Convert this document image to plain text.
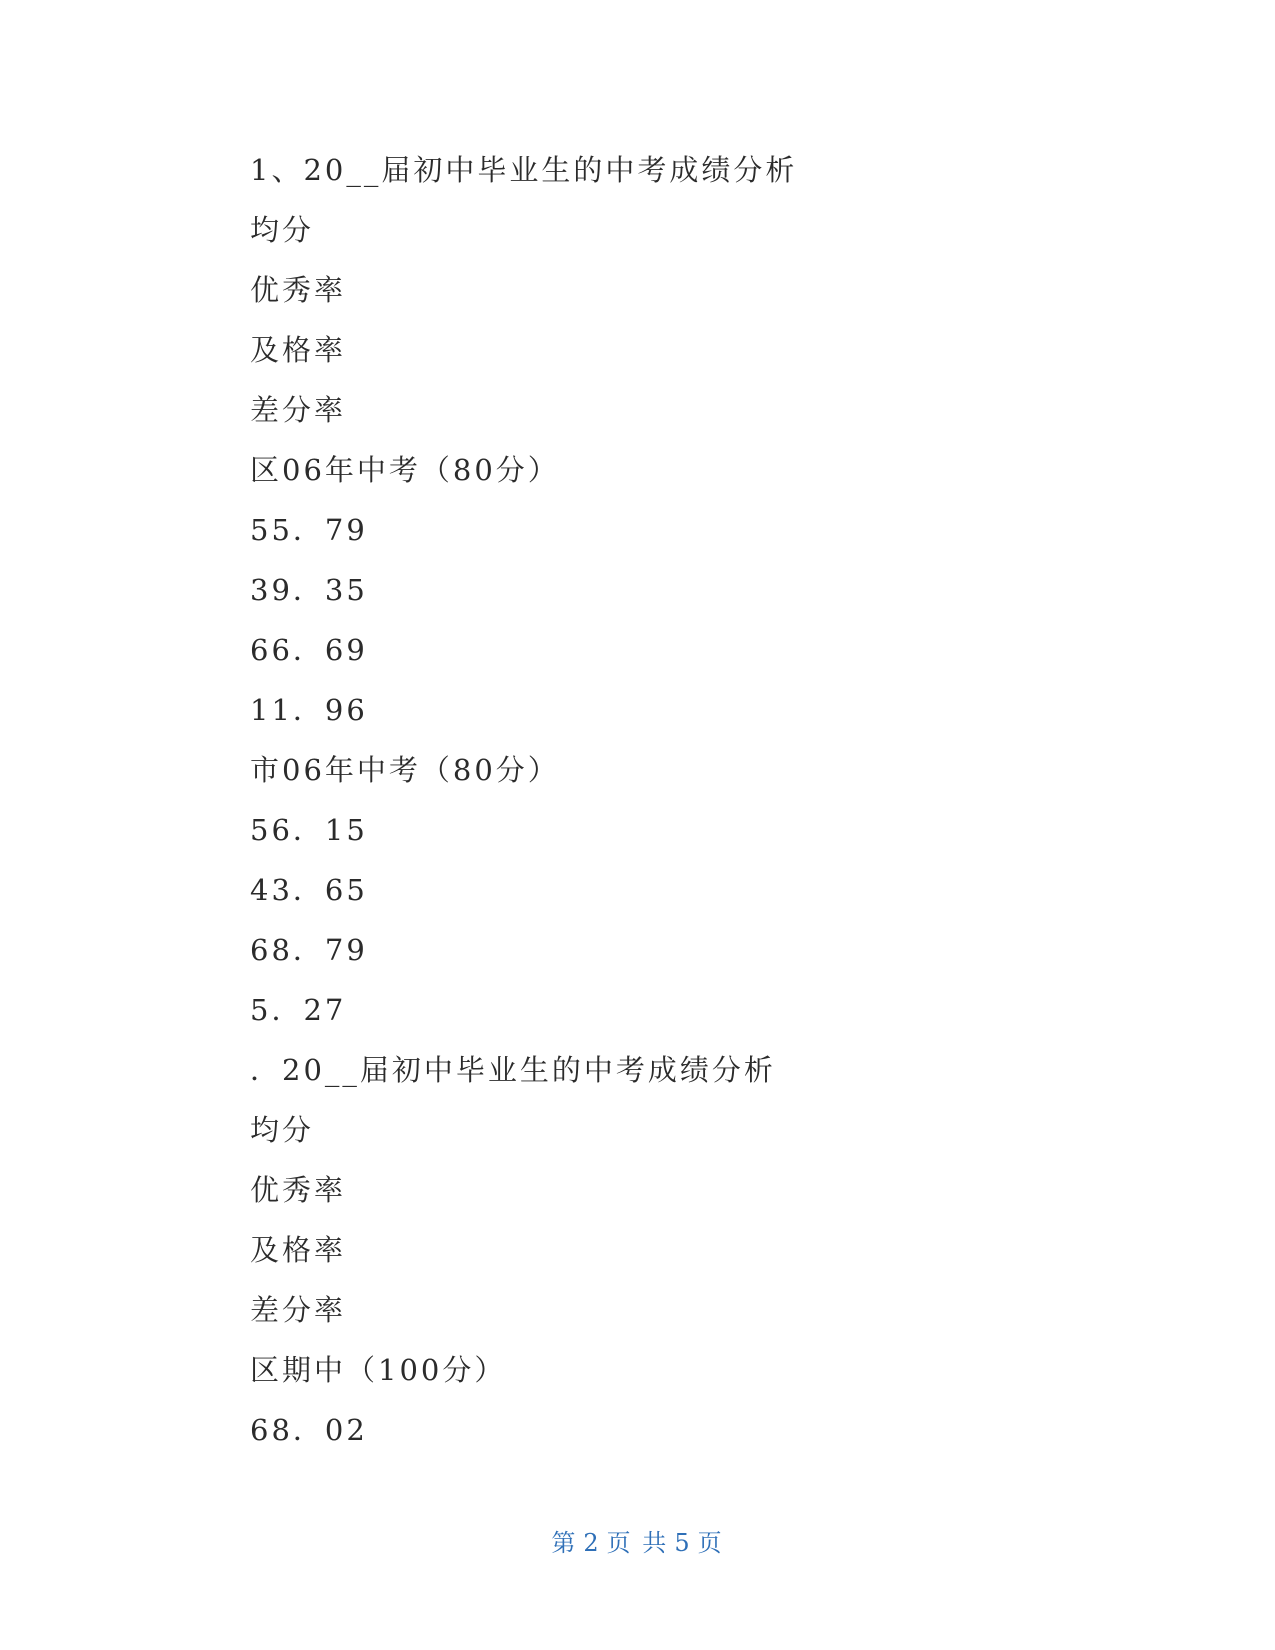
1、20__届初中毕业生的中考成绩分析
均分
优秀率
及格率
差分率
区06年中考（80分）
55．79
39．35
66．69
11．96
市06年中考（80分）
56．15
43．65
68．79
5．27
．20__届初中毕业生的中考成绩分析
均分
优秀率
及格率
差分率
区期中（100分）
68．02
第 2 页 共 5 页
